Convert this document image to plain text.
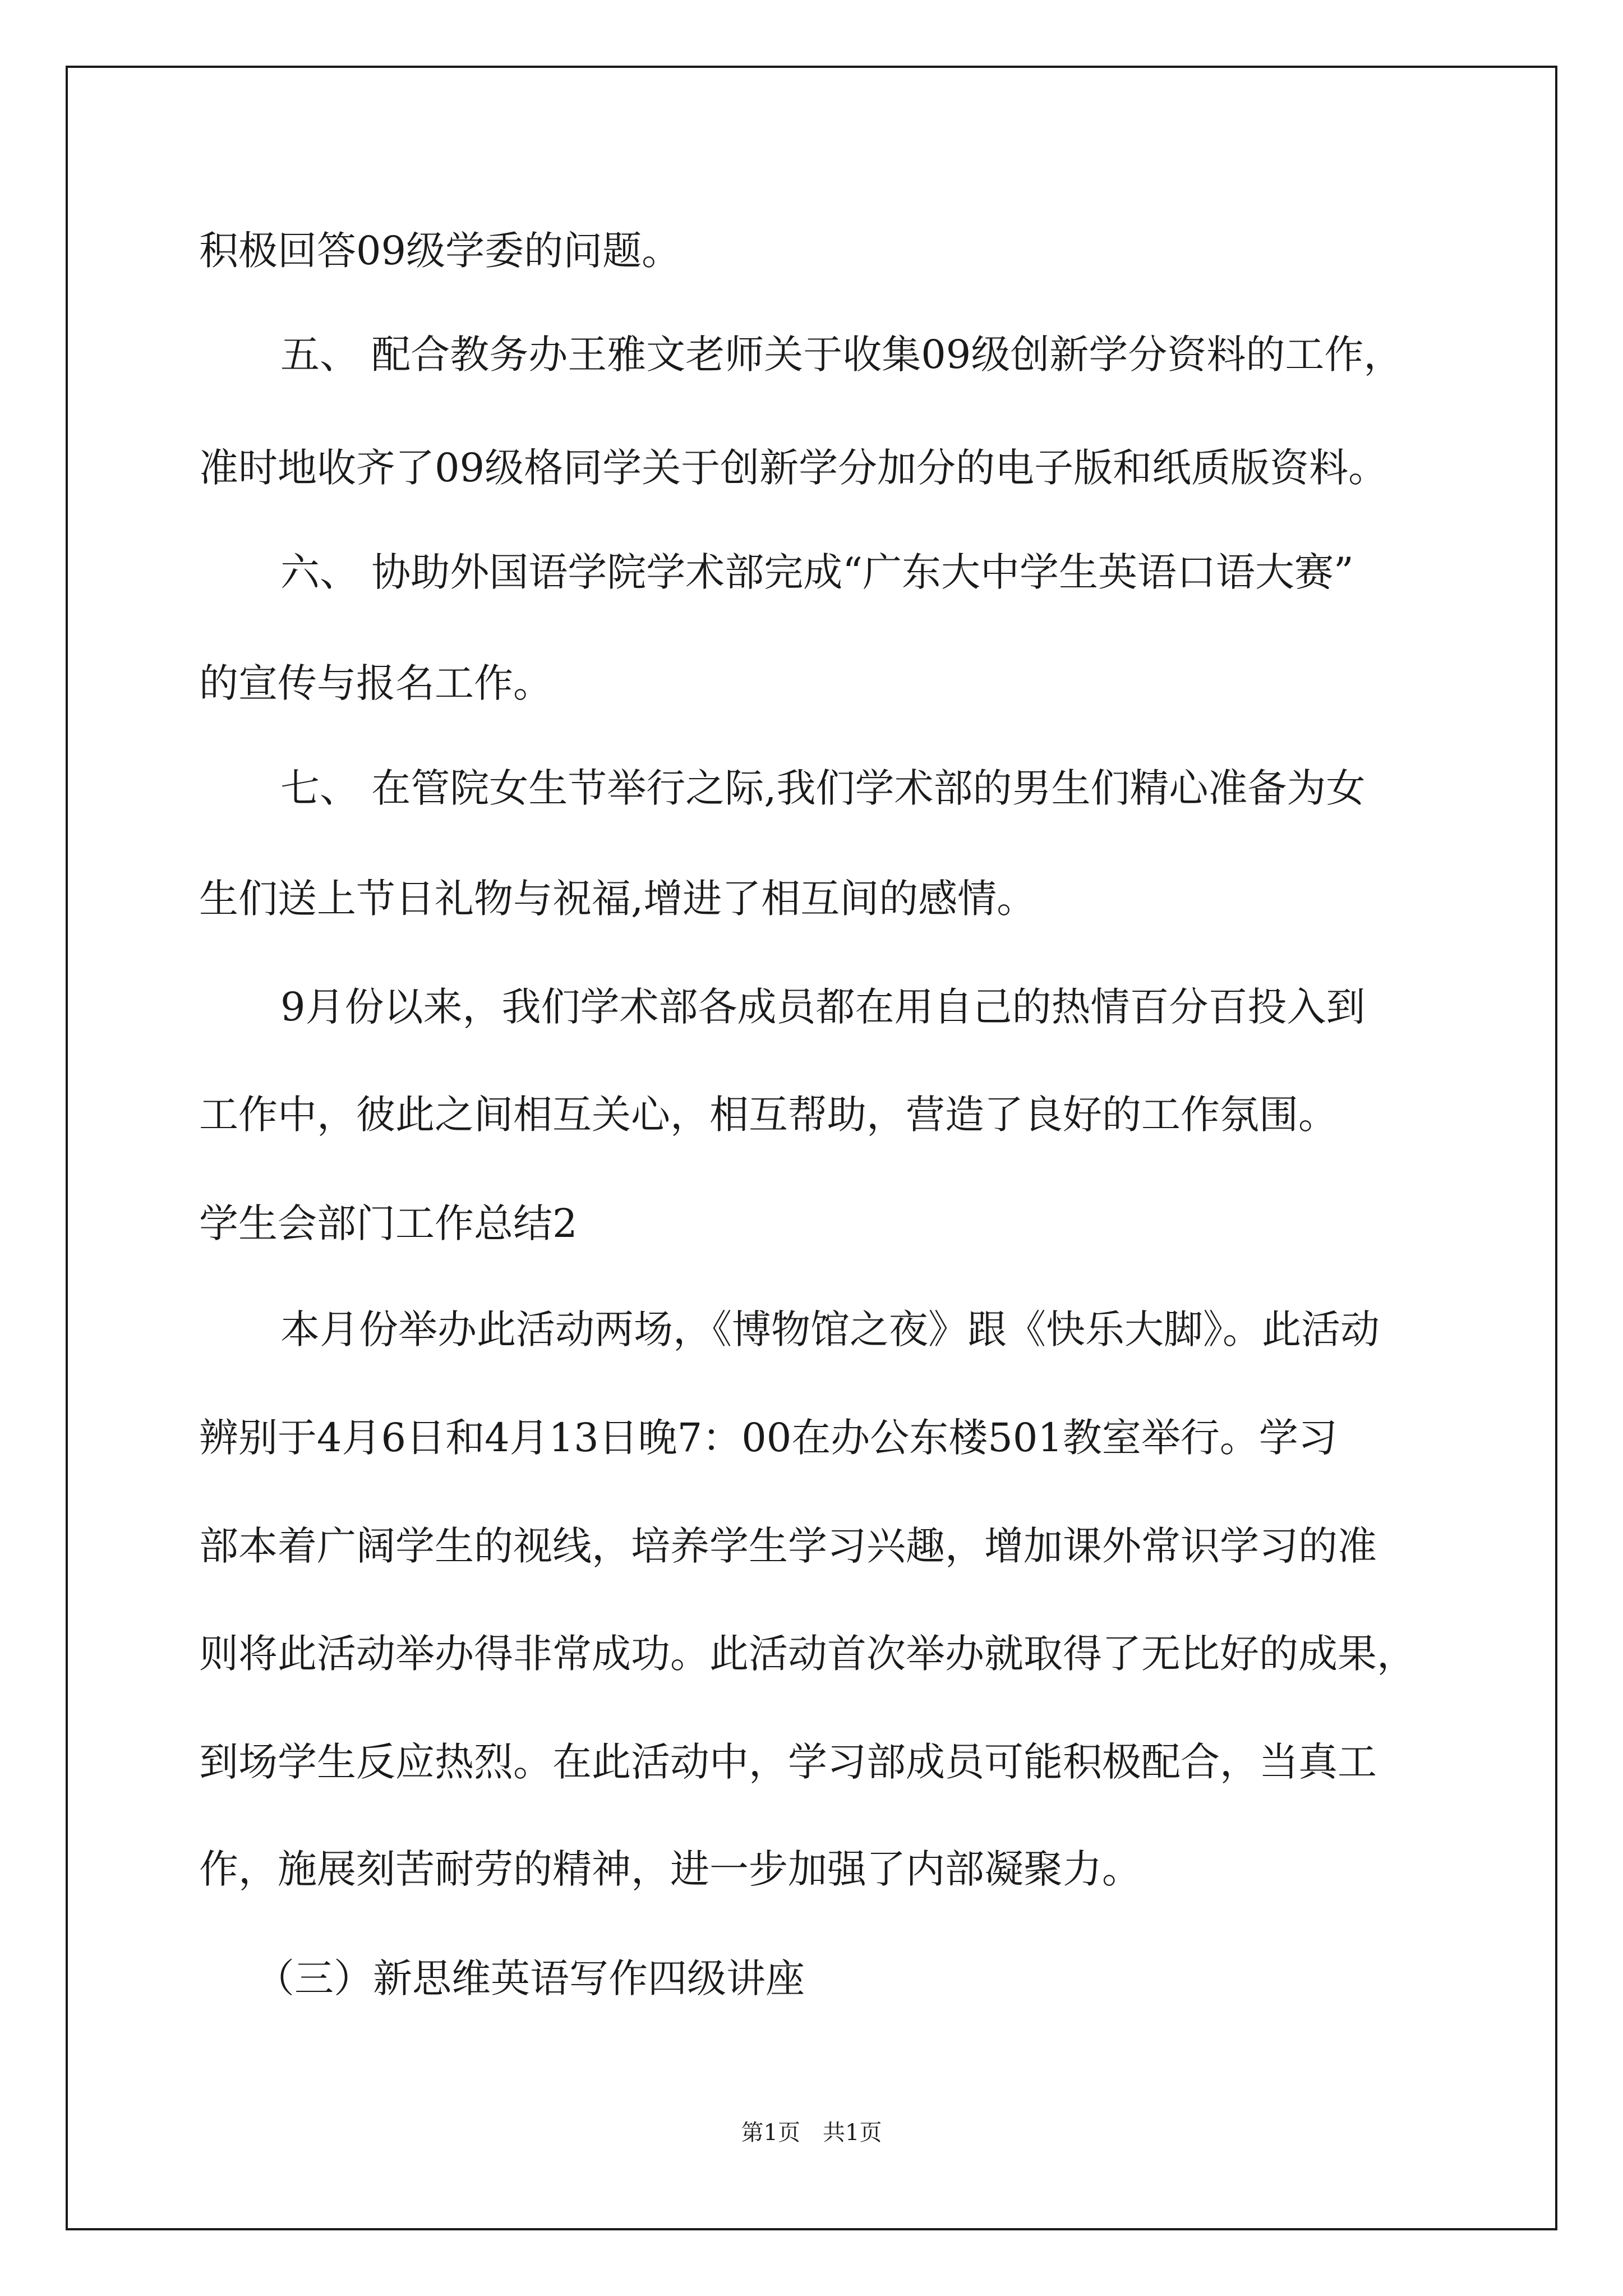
积极回答09级学委的问题。
五、 配合教务办王雅文老师关于收集09级创新学分资料的工作，
准时地收齐了09级格同学关于创新学分加分的电子版和纸质版资料。
六、 协助外国语学院学术部完成“广东大中学生英语口语大赛”
的宣传与报名工作。
七、 在管院女生节举行之际,我们学术部的男生们精心准备为女
生们送上节日礼物与祝福,增进了相互间的感情。
9月份以来，我们学术部各成员都在用自己的热情百分百投入到
工作中，彼此之间相互关心，相互帮助，营造了良好的工作氛围。
学生会部门工作总结2
本月份举办此活动两场，《博物馆之夜》跟《快乐大脚》。此活动
辨别于4月6日和4月13日晚7：00在办公东楼501教室举行。学习
部本着广阔学生的视线，培养学生学习兴趣，增加课外常识学习的准
则将此活动举办得非常成功。此活动首次举办就取得了无比好的成果，
到场学生反应热烈。在此活动中，学习部成员可能积极配合，当真工
作，施展刻苦耐劳的精神，进一步加强了内部凝聚力。
（三）新思维英语写作四级讲座
第1页 共1页
